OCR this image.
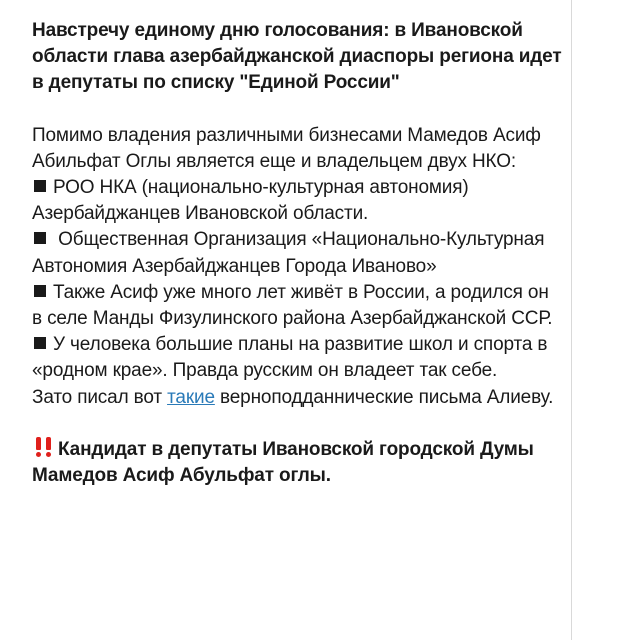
Навстречу единому дню голосования: в Ивановской области глава азербайджанской диаспоры региона идет в депутаты по списку "Единой России"

Помимо владения различными бизнесами Мамедов Асиф Абильфат Оглы является еще и владельцем двух НКО:

РОО НКА (национально-культурная автономия) Азербайджанцев Ивановской области.

Общественная Организация «Национально-Культурная Автономия Азербайджанцев Города Иваново»

Также Асиф уже много лет живёт в России, а родился он в селе Манды Физулинского района Азербайджанской ССР.

У человека большие планы на развитие школ и спорта в «родном крае». Правда русским он владеет так себе.

Зато писал вот такие верноподданнические письма Алиеву.

Кандидат в депутаты Ивановской городской Думы Мамедов Асиф Абульфат оглы.
